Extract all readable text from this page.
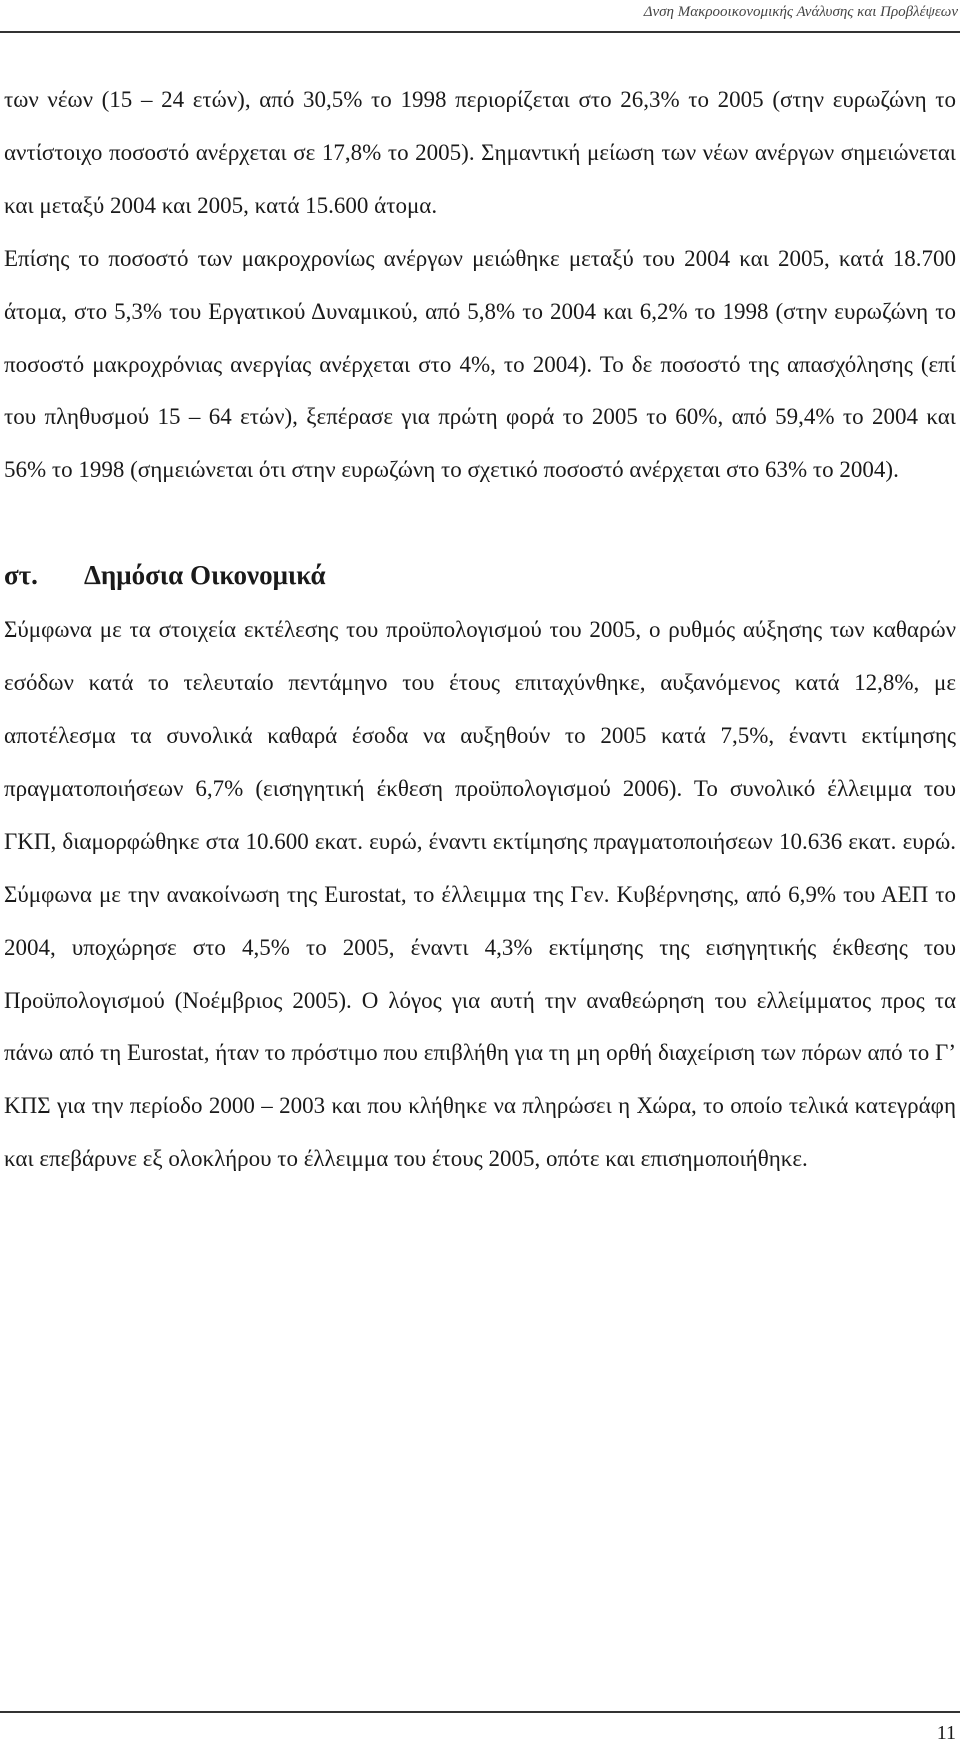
Δνση Μακροοικονομικής Ανάλυσης και Προβλέψεων

των νέων (15 – 24 ετών), από 30,5% το 1998 περιορίζεται στο 26,3% το 2005 (στην ευρωζώνη το αντίστοιχο ποσοστό ανέρχεται σε 17,8% το 2005). Σημαντική μείωση των νέων ανέργων σημειώνεται και μεταξύ 2004 και 2005, κατά 15.600 άτομα.

Επίσης το ποσοστό των μακροχρονίως ανέργων μειώθηκε μεταξύ του 2004 και 2005, κατά 18.700 άτομα, στο 5,3% του Εργατικού Δυναμικού, από 5,8% το 2004 και 6,2% το 1998 (στην ευρωζώνη το ποσοστό μακροχρόνιας ανεργίας ανέρχεται στο 4%, το 2004). Το δε ποσοστό της απασχόλησης (επί του πληθυσμού 15 – 64 ετών), ξεπέρασε για πρώτη φορά το 2005 το 60%, από 59,4% το 2004 και 56% το 1998 (σημειώνεται ότι στην ευρωζώνη το σχετικό ποσοστό ανέρχεται στο 63% το 2004).

στ. Δημόσια Οικονομικά

Σύμφωνα με τα στοιχεία εκτέλεσης του προϋπολογισμού του 2005, ο ρυθμός αύξησης των καθαρών εσόδων κατά το τελευταίο πεντάμηνο του έτους επιταχύνθηκε, αυξανόμενος κατά 12,8%, με αποτέλεσμα τα συνολικά καθαρά έσοδα να αυξηθούν το 2005 κατά 7,5%, έναντι εκτίμησης πραγματοποιήσεων 6,7% (εισηγητική έκθεση προϋπολογισμού 2006). Το συνολικό έλλειμμα του ΓΚΠ, διαμορφώθηκε στα 10.600 εκατ. ευρώ, έναντι εκτίμησης πραγματοποιήσεων 10.636 εκατ. ευρώ. Σύμφωνα με την ανακοίνωση της Eurostat, το έλλειμμα της Γεν. Κυβέρνησης, από 6,9% του ΑΕΠ το 2004, υποχώρησε στο 4,5% το 2005, έναντι 4,3% εκτίμησης της εισηγητικής έκθεσης του Προϋπολογισμού (Νοέμβριος 2005). Ο λόγος για αυτή την αναθεώρηση του ελλείμματος προς τα πάνω από τη Eurostat, ήταν το πρόστιμο που επιβλήθη για τη μη ορθή διαχείριση των πόρων από το Γ’ ΚΠΣ για την περίοδο 2000 – 2003 και που κλήθηκε να πληρώσει η Χώρα, το οποίο τελικά κατεγράφη και επεβάρυνε εξ ολοκλήρου το έλλειμμα του έτους 2005, οπότε και επισημοποιήθηκε.

11
